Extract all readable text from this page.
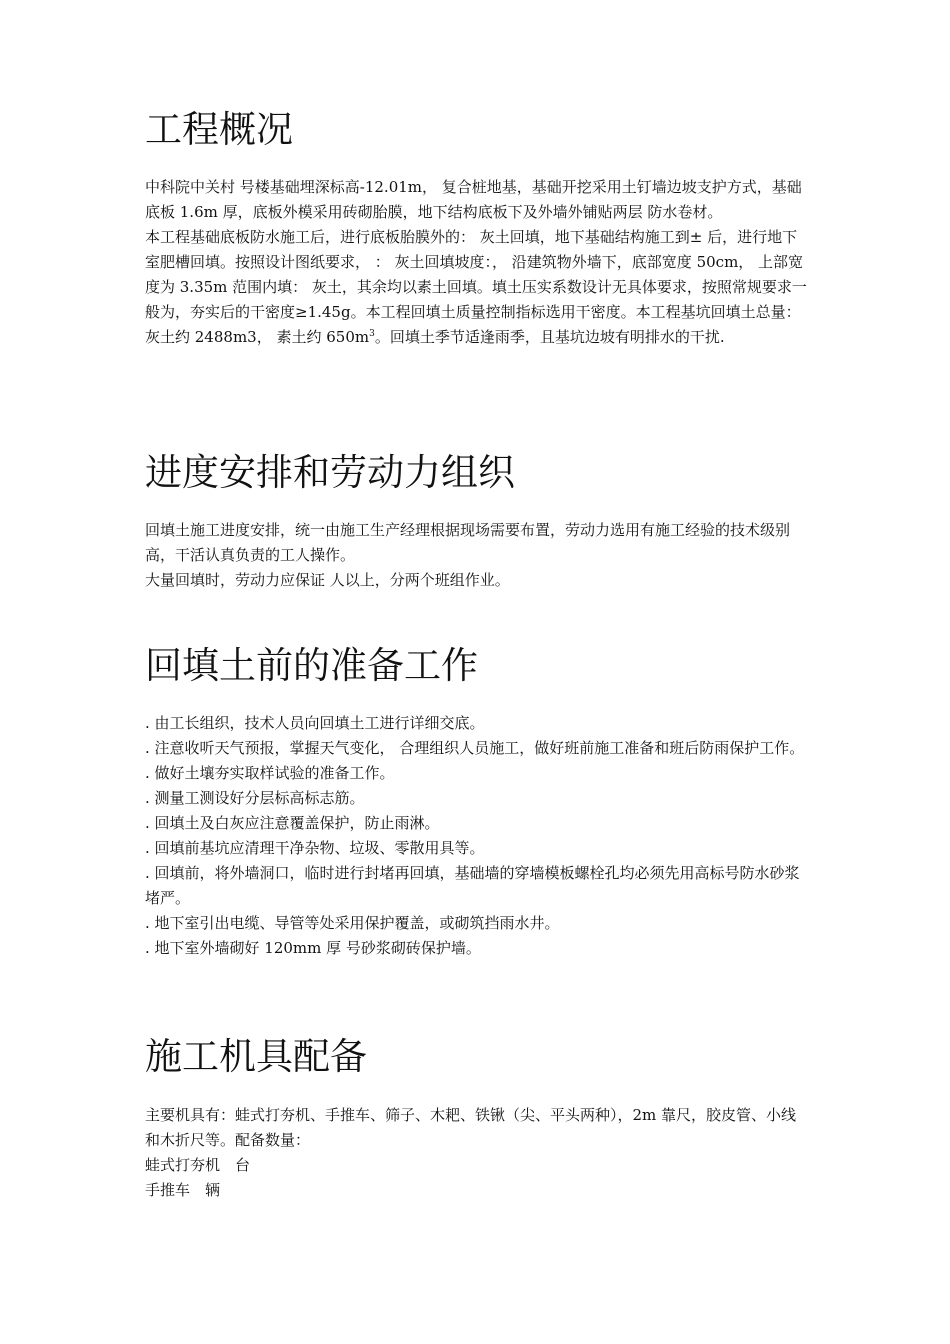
工程概况

中科院中关村 号楼基础埋深标高-12.01m， 复合桩地基，基础开挖采用土钉墙边坡支护方式，基础底板 1.6m 厚，底板外模采用砖砌胎膜，地下结构底板下及外墙外铺贴两层 防水卷材。

本工程基础底板防水施工后，进行底板胎膜外的： 灰土回填，地下基础结构施工到± 后，进行地下室肥槽回填。按照设计图纸要求， ： 灰土回填坡度：， 沿建筑物外墙下，底部宽度 50cm， 上部宽度为 3.35m 范围内填： 灰土，其余均以素土回填。填土压实系数设计无具体要求，按照常规要求一般为，夯实后的干密度≥1.45g。本工程回填土质量控制指标选用干密度。本工程基坑回填土总量：灰土约 2488m3， 素土约 $650m^3$。回填土季节适逢雨季，且基坑边坡有明排水的干扰.

进度安排和劳动力组织

回填土施工进度安排，统一由施工生产经理根据现场需要布置，劳动力选用有施工经验的技术级别高，干活认真负责的工人操作。

大量回填时，劳动力应保证 人以上，分两个班组作业。

回填土前的准备工作

. 由工长组织，技术人员向回填土工进行详细交底。

. 注意收听天气预报，掌握天气变化， 合理组织人员施工，做好班前施工准备和班后防雨保护工作。

. 做好土壤夯实取样试验的准备工作。

. 测量工测设好分层标高标志筋。

. 回填土及白灰应注意覆盖保护，防止雨淋。

. 回填前基坑应清理干净杂物、垃圾、零散用具等。

. 回填前，将外墙洞口，临时进行封堵再回填，基础墙的穿墙模板螺栓孔均必须先用高标号防水砂浆堵严。

. 地下室引出电缆、导管等处采用保护覆盖，或砌筑挡雨水井。

. 地下室外墙砌好 120mm 厚 号砂浆砌砖保护墙。

施工机具配备

主要机具有：蛙式打夯机、手推车、筛子、木耙、铁锹（尖、平头两种），2m 靠尺，胶皮管、小线和木折尺等。配备数量：

蛙式打夯机　台

手推车　辆
